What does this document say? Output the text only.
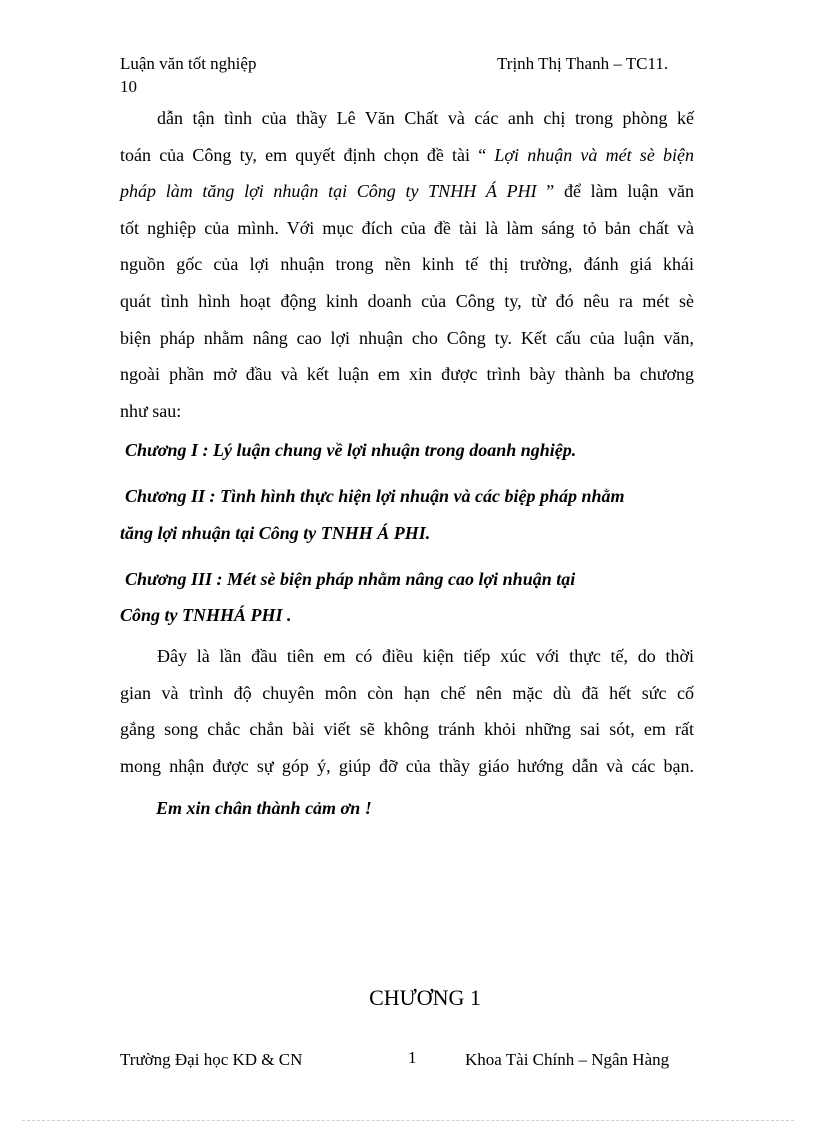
Luận văn tốt nghiệp	Trịnh Thị Thanh – TC11.
10
dẫn tận tình của thầy Lê Văn Chất và các anh chị trong phòng kế
toán của Công ty, em quyết định chọn đề tài “ Lợi nhuận và mét sè biện
pháp làm tăng lợi nhuận tại Công ty TNHH Á PHI ” để làm luận văn
tốt nghiệp của mình. Với mục đích của đề tài là làm sáng tỏ bản chất và
nguồn gốc của lợi nhuận trong nền kinh tế thị trường, đánh giá khái
quát tình hình hoạt động kinh doanh của Công ty, từ đó nêu ra mét sè
biện pháp nhằm nâng cao lợi nhuận cho Công ty. Kết cấu của luận văn,
ngoài phần mở đầu và kết luận em xin được trình bày thành ba chương
như sau:
Chương I : Lý luận chung về lợi nhuận trong doanh nghiệp.
Chương II : Tình hình thực hiện lợi nhuận và các biệp pháp nhằm
tăng lợi nhuận tại Công ty TNHH Á PHI.
Chương III : Mét sè biện pháp nhằm nâng cao lợi nhuận tại
Công ty TNHHÁ PHI .
Đây là lần đầu tiên em có điều kiện tiếp xúc với thực tế, do thời
gian và trình độ chuyên môn còn hạn chế nên mặc dù đã hết sức cố
gắng song chắc chắn bài viết sẽ không tránh khỏi những sai sót, em rất
mong nhận được sự góp ý, giúp đỡ của thầy giáo hướng dẫn và các bạn.
Em xin chân thành cảm ơn !
CHƯƠNG 1
Trường Đại học KD & CN	1	Khoa Tài Chính – Ngân Hàng
